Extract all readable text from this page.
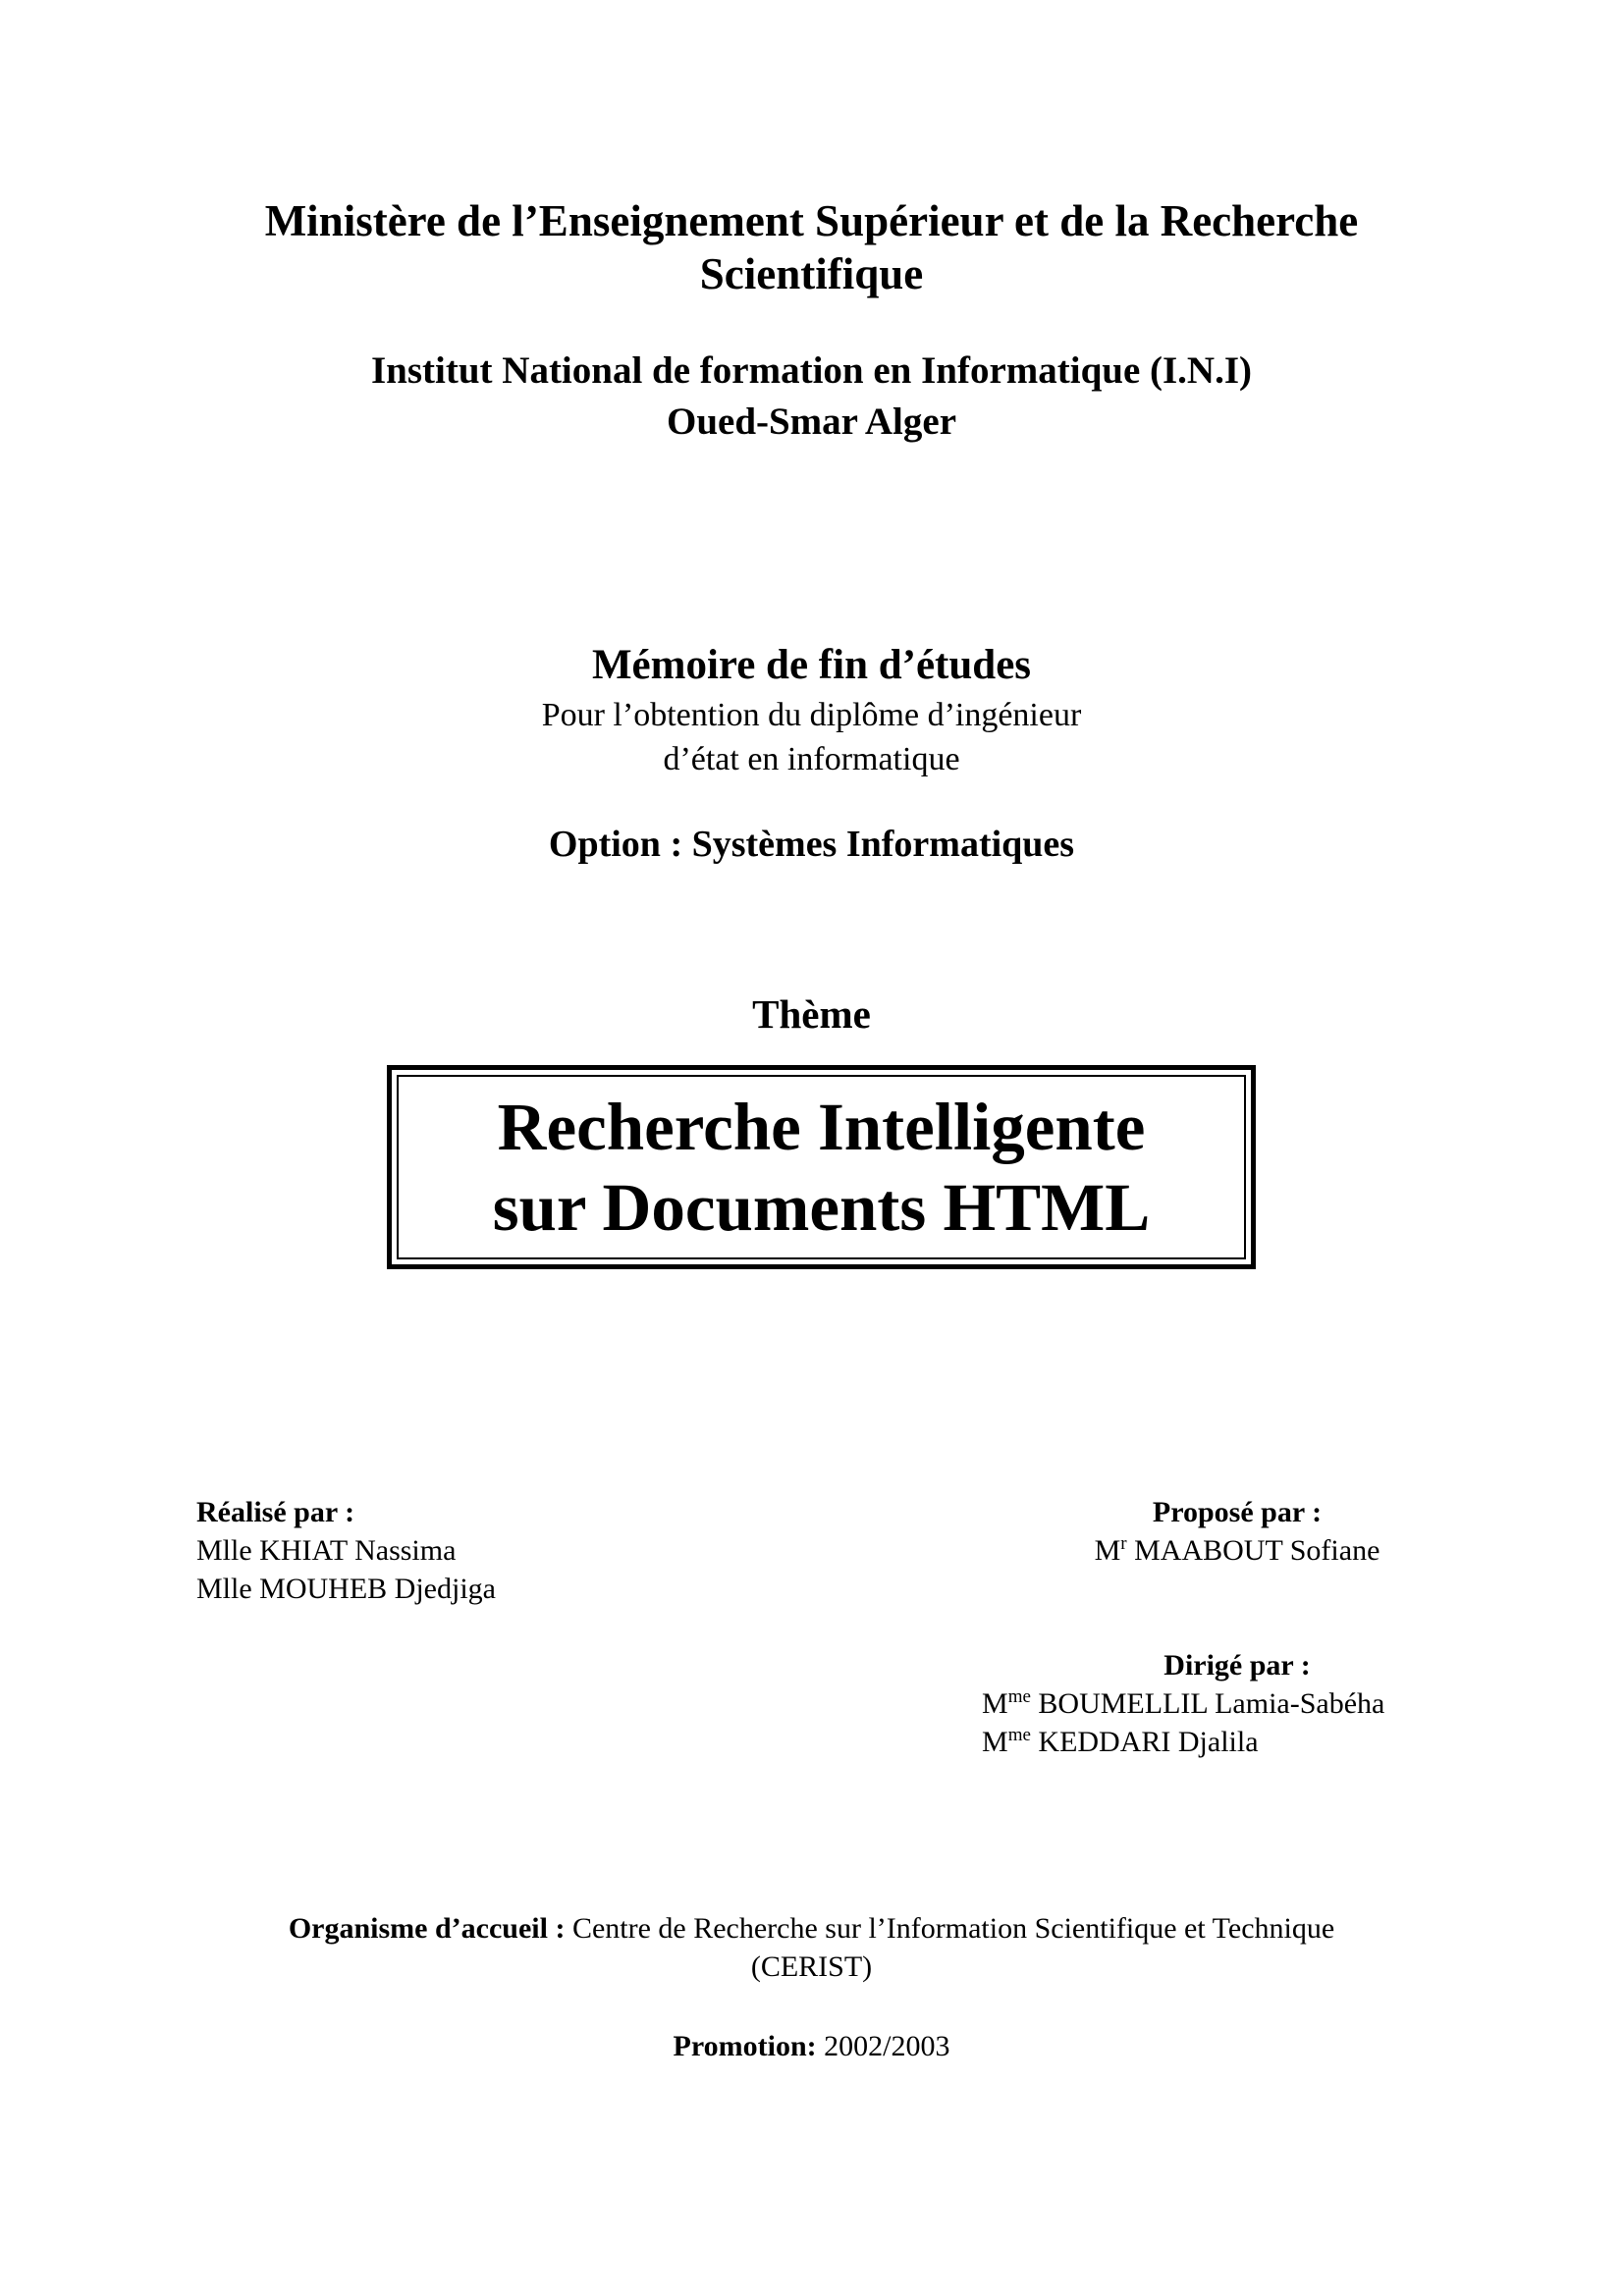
Ministère de l’Enseignement Supérieur et de la Recherche
Scientifique
Institut National de formation en Informatique (I.N.I)
Oued-Smar Alger
Mémoire de fin d’études
Pour l’obtention du diplôme d’ingénieur
d’état en informatique
Option : Systèmes Informatiques
Thème
Recherche Intelligente
sur Documents HTML
Réalisé par :
Mlle KHIAT Nassima
Mlle MOUHEB Djedjiga
Proposé par :
$M^r$ MAABOUT Sofiane
Dirigé par :
$M^{me}$ BOUMELLIL Lamia-Sabéha
$M^{me}$ KEDDARI Djalila
Organisme d’accueil : Centre de Recherche sur l’Information Scientifique et Technique
(CERIST)
Promotion: 2002/2003
